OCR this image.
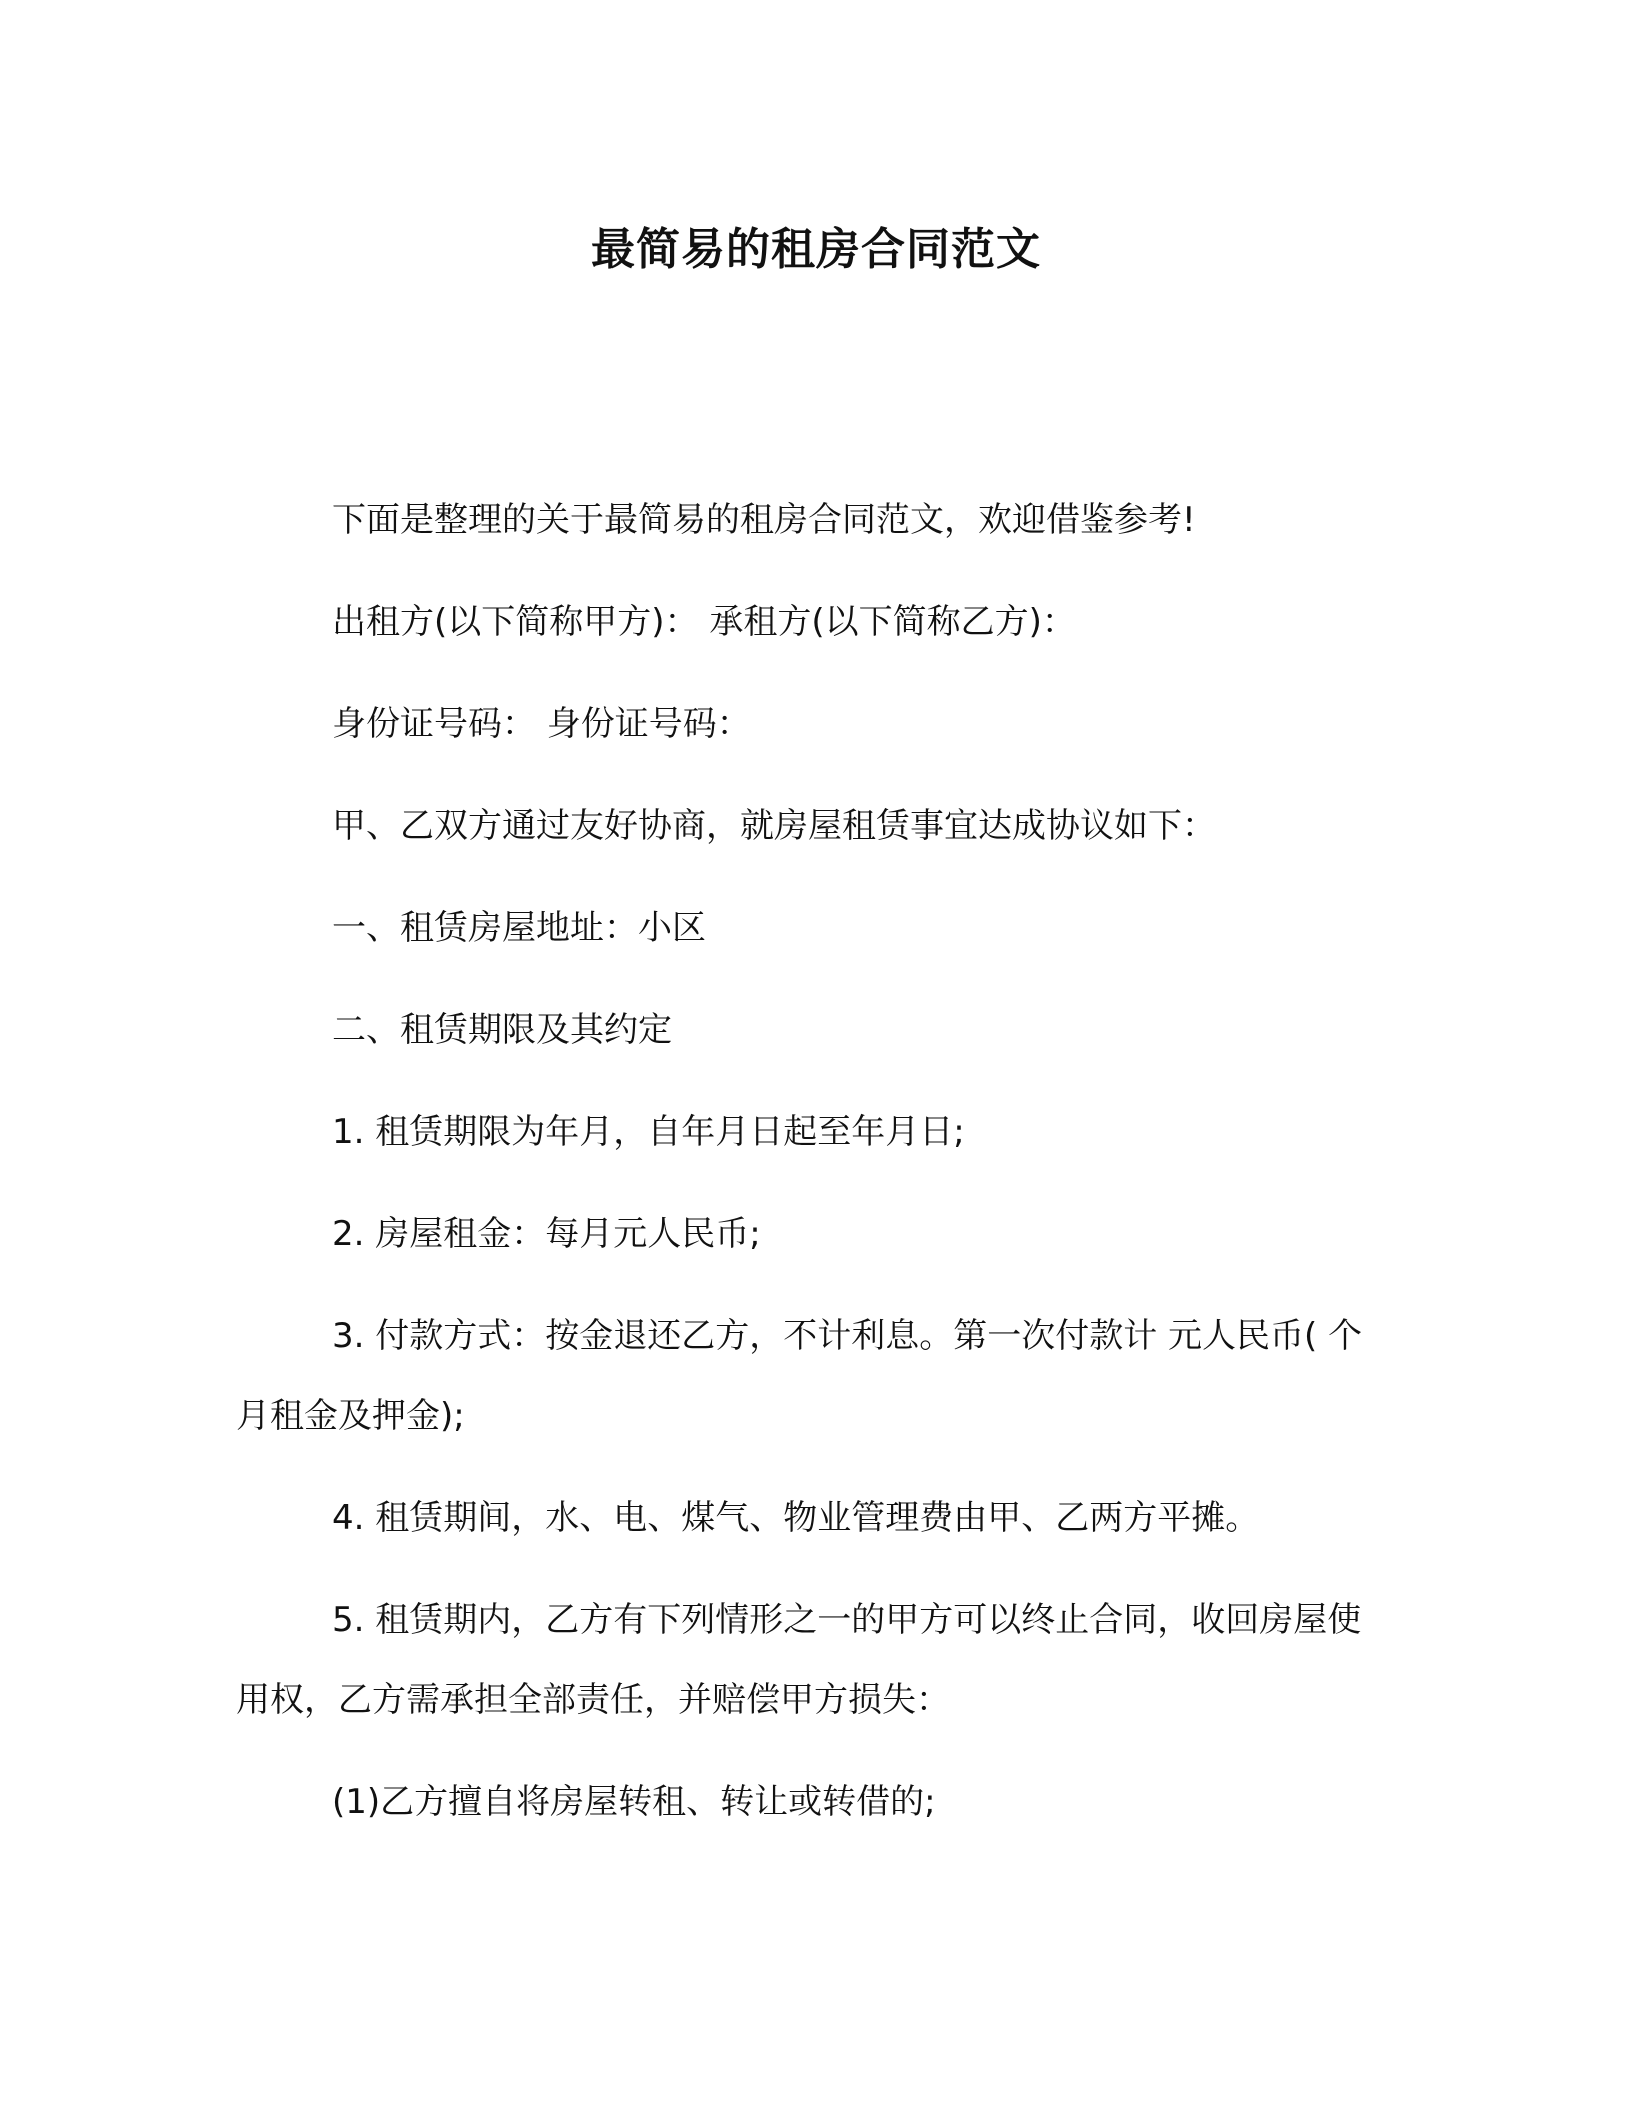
最简易的租房合同范文
下面是整理的关于最简易的租房合同范文，欢迎借鉴参考!
出租方(以下简称甲方)： 承租方(以下简称乙方)：
身份证号码： 身份证号码：
甲、乙双方通过友好协商，就房屋租赁事宜达成协议如下：
一、租赁房屋地址：小区
二、租赁期限及其约定
1. 租赁期限为年月，自年月日起至年月日;
2. 房屋租金：每月元人民币;
3. 付款方式：按金退还乙方，不计利息。第一次付款计 元人民币( 个月租金及押金);
4. 租赁期间，水、电、煤气、物业管理费由甲、乙两方平摊。
5. 租赁期内，乙方有下列情形之一的甲方可以终止合同，收回房屋使用权，乙方需承担全部责任，并赔偿甲方损失：
(1)乙方擅自将房屋转租、转让或转借的;
